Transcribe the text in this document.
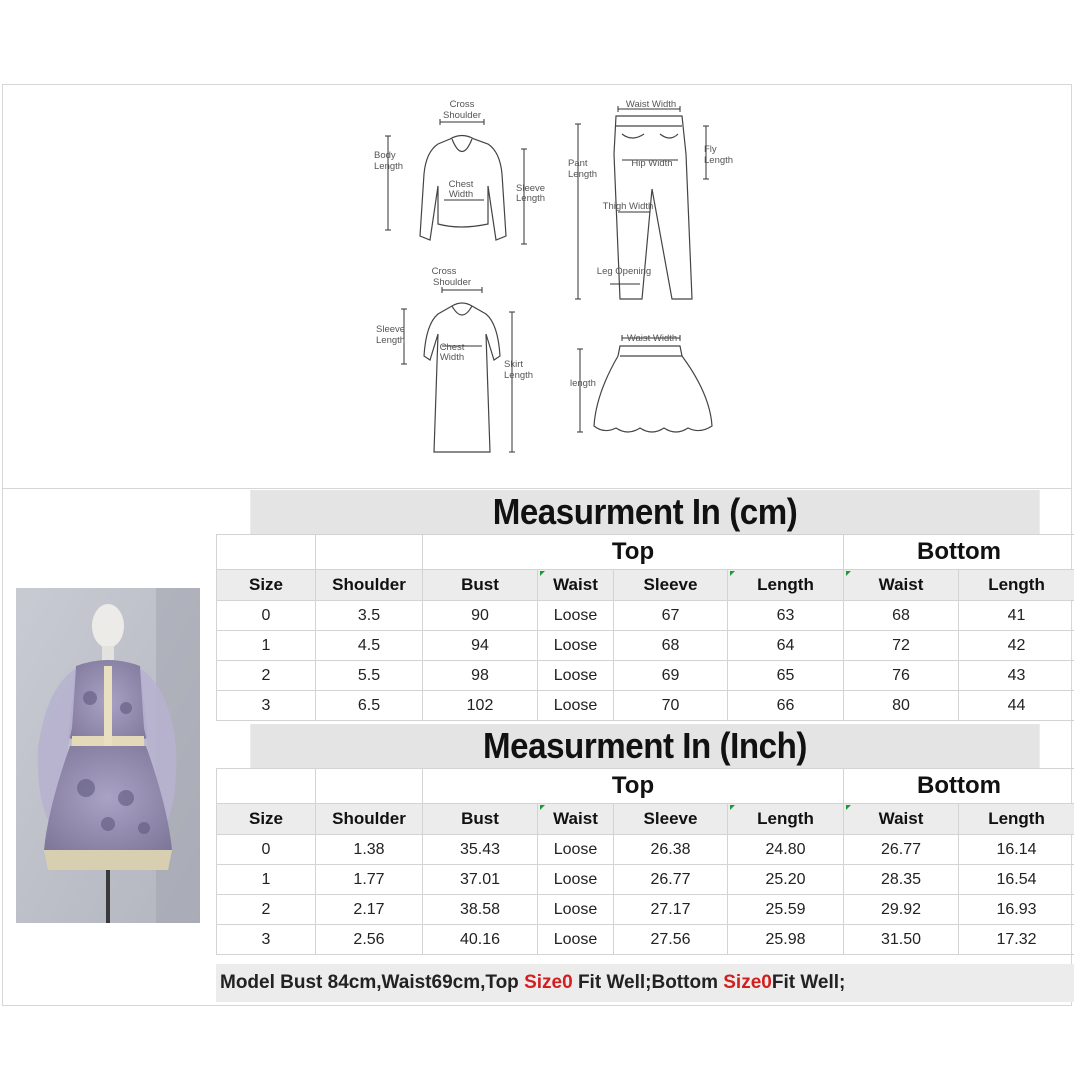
Cross
Shoulder
Body
Length
Chest
Width
Sleeve
Length
Waist Width
Pant
Length
Hip Width
Fly
Length
Thigh Width
Leg Opening
Cross
Shoulder
Sleeve
Length
Chest
Width
Skirt
Length
Waist Width
length
Measurment In (cm)
		Top				Bottom	
Size	Shoulder	Bust	Waist	Sleeve	Length	Waist	Length
0	3.5	90	Loose	67	63	68	41
1	4.5	94	Loose	68	64	72	42
2	5.5	98	Loose	69	65	76	43
3	6.5	102	Loose	70	66	80	44
Measurment In (Inch)
		Top				Bottom	
Size	Shoulder	Bust	Waist	Sleeve	Length	Waist	Length
0	1.38	35.43	Loose	26.38	24.80	26.77	16.14
1	1.77	37.01	Loose	26.77	25.20	28.35	16.54
2	2.17	38.58	Loose	27.17	25.59	29.92	16.93
3	2.56	40.16	Loose	27.56	25.98	31.50	17.32
Model Bust 84cm,Waist69cm,Top Size0 Fit Well;Bottom Size0 Fit Well;
